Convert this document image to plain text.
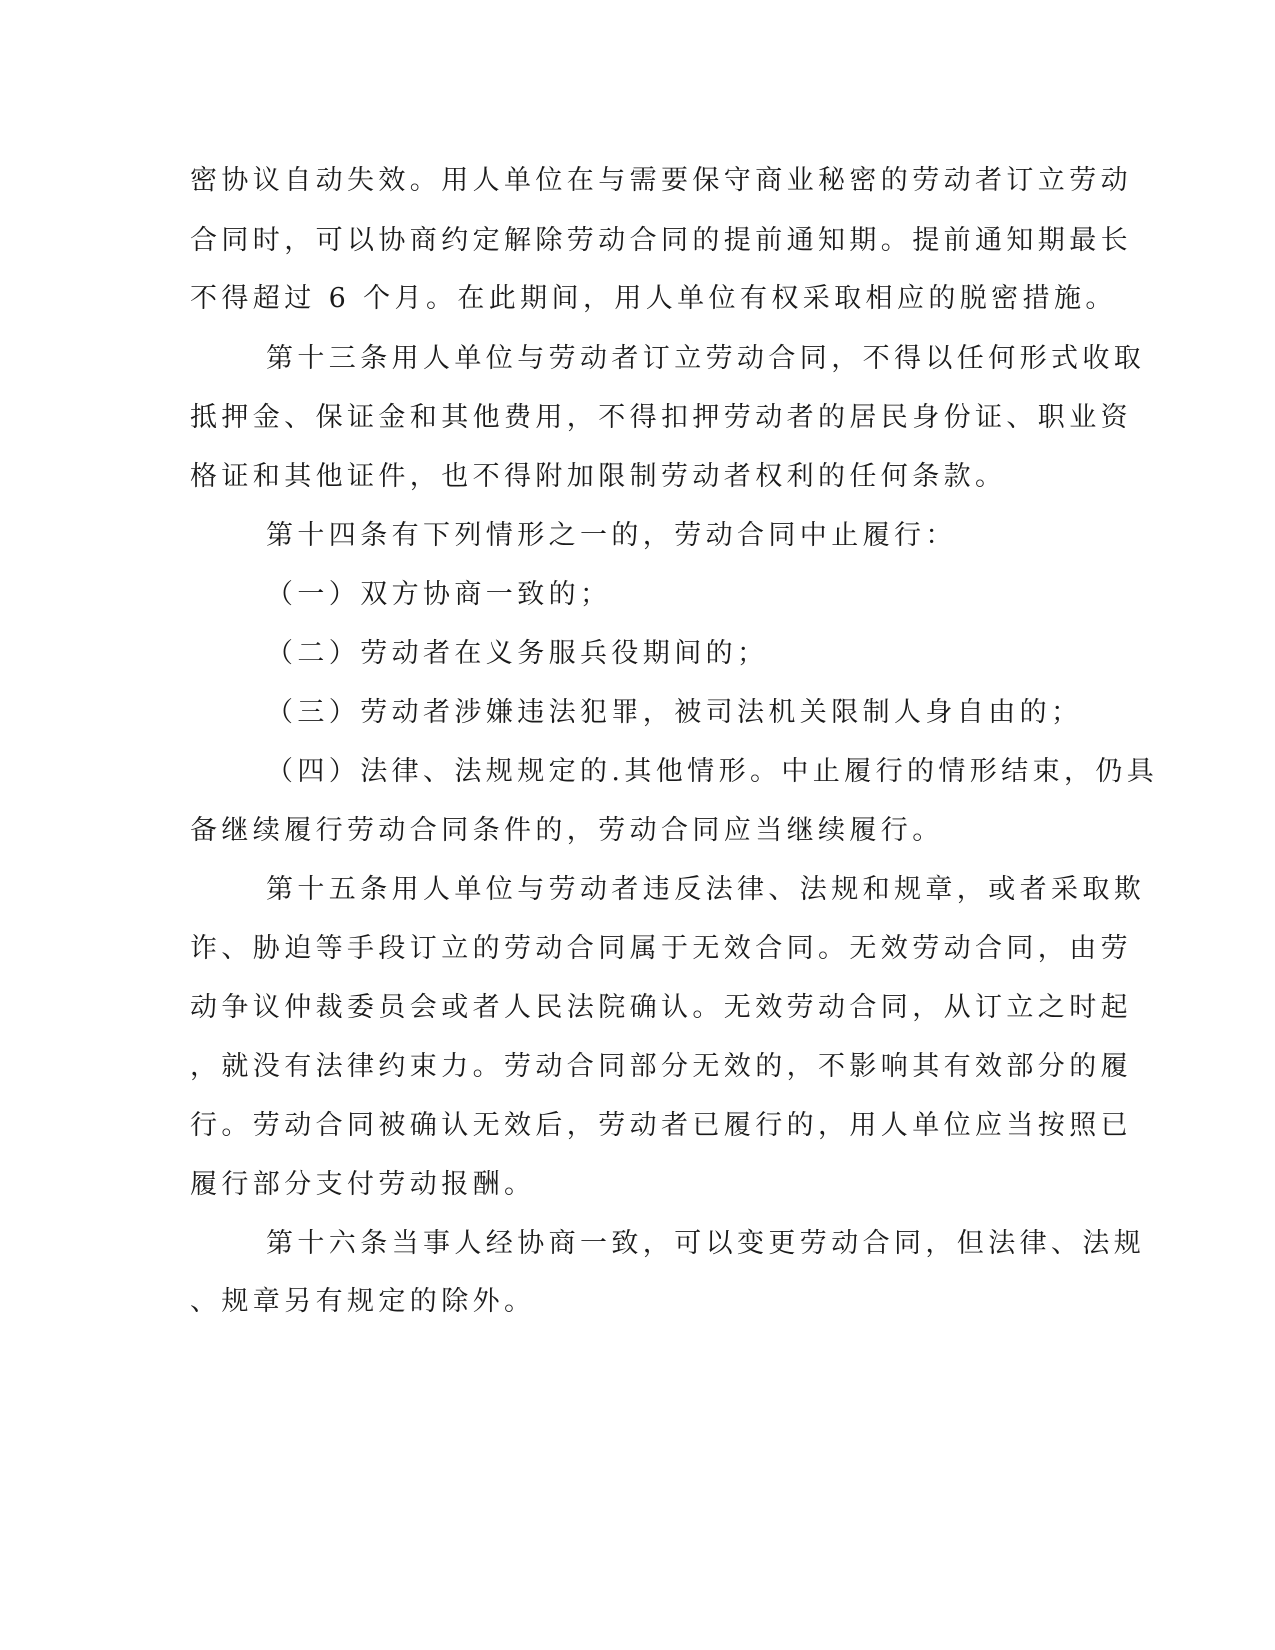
密协议自动失效。用人单位在与需要保守商业秘密的劳动者订立劳动
合同时，可以协商约定解除劳动合同的提前通知期。提前通知期最长
不得超过 6 个月。在此期间，用人单位有权采取相应的脱密措施。
第十三条用人单位与劳动者订立劳动合同，不得以任何形式收取
抵押金、保证金和其他费用，不得扣押劳动者的居民身份证、职业资
格证和其他证件，也不得附加限制劳动者权利的任何条款。
第十四条有下列情形之一的，劳动合同中止履行：
（一）双方协商一致的；
（二）劳动者在义务服兵役期间的；
（三）劳动者涉嫌违法犯罪，被司法机关限制人身自由的；
（四）法律、法规规定的.其他情形。中止履行的情形结束，仍具
备继续履行劳动合同条件的，劳动合同应当继续履行。
第十五条用人单位与劳动者违反法律、法规和规章，或者采取欺
诈、胁迫等手段订立的劳动合同属于无效合同。无效劳动合同，由劳
动争议仲裁委员会或者人民法院确认。无效劳动合同，从订立之时起
，就没有法律约束力。劳动合同部分无效的，不影响其有效部分的履
行。劳动合同被确认无效后，劳动者已履行的，用人单位应当按照已
履行部分支付劳动报酬。
第十六条当事人经协商一致，可以变更劳动合同，但法律、法规
、规章另有规定的除外。
